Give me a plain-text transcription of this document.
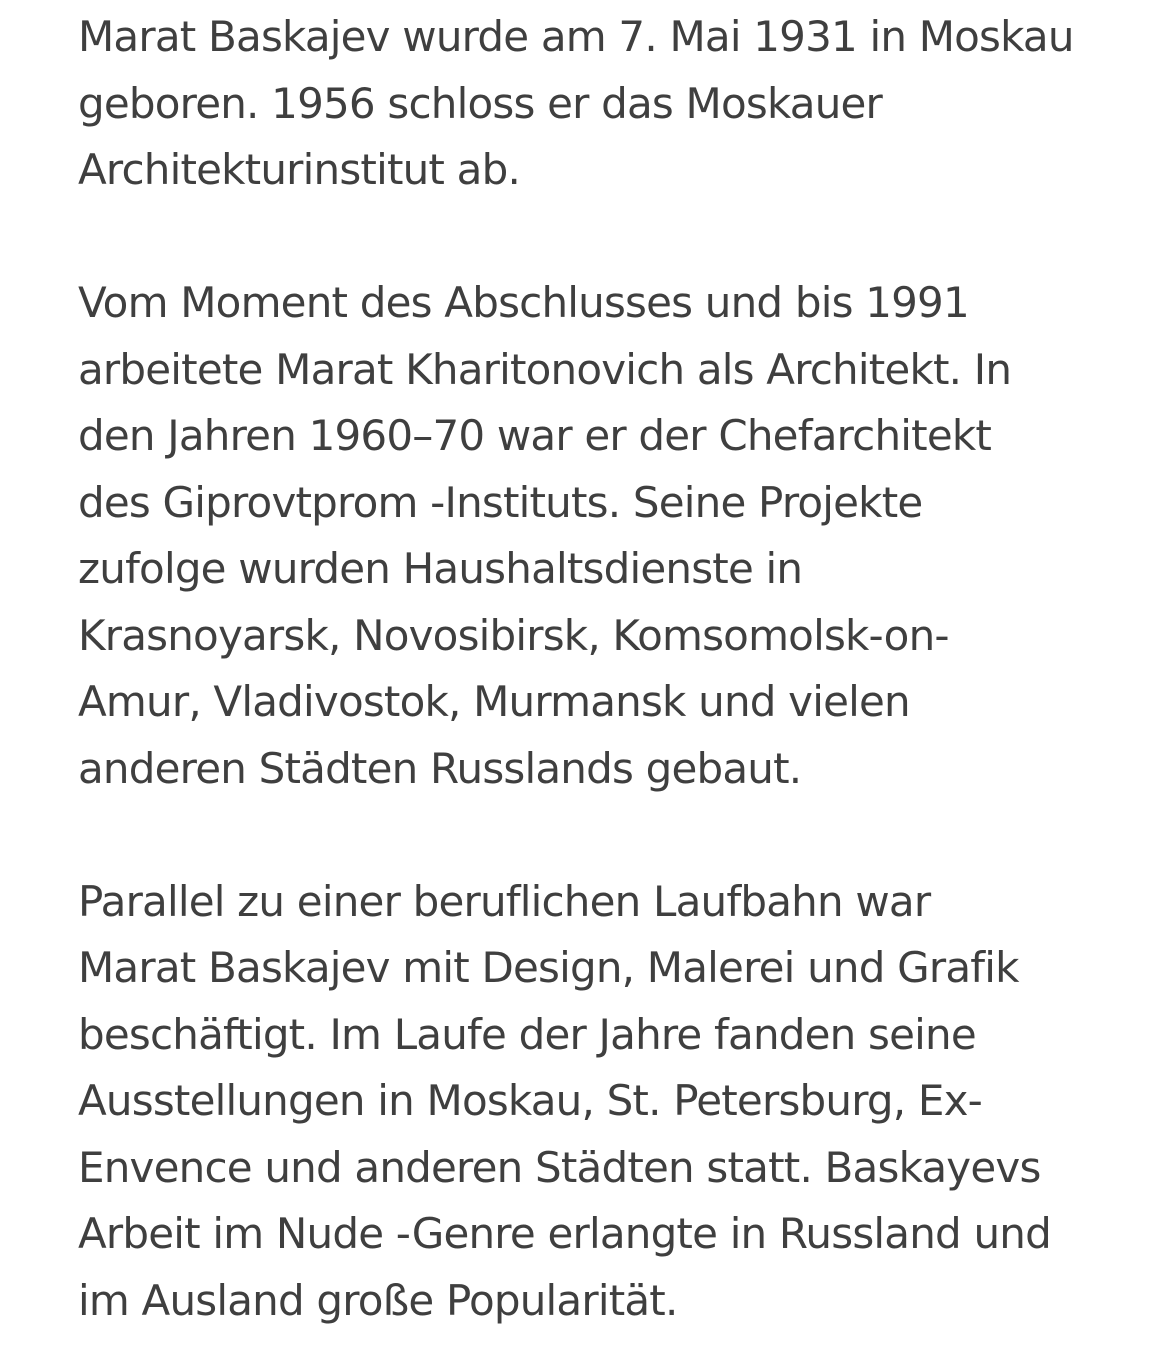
Marat Baskajev wurde am 7. Mai 1931 in Moskau
geboren. 1956 schloss er das Moskauer
Architekturinstitut ab.

Vom Moment des Abschlusses und bis 1991
arbeitete Marat Kharitonovich als Architekt. In
den Jahren 1960–70 war er der Chefarchitekt
des Giprovtprom -Instituts. Seine Projekte
zufolge wurden Haushaltsdienste in
Krasnoyarsk, Novosibirsk, Komsomolsk-on-
Amur, Vladivostok, Murmansk und vielen
anderen Städten Russlands gebaut.

Parallel zu einer beruflichen Laufbahn war
Marat Baskajev mit Design, Malerei und Grafik
beschäftigt. Im Laufe der Jahre fanden seine
Ausstellungen in Moskau, St. Petersburg, Ex-
Envence und anderen Städten statt. Baskayevs
Arbeit im Nude -Genre erlangte in Russland und
im Ausland große Popularität.
